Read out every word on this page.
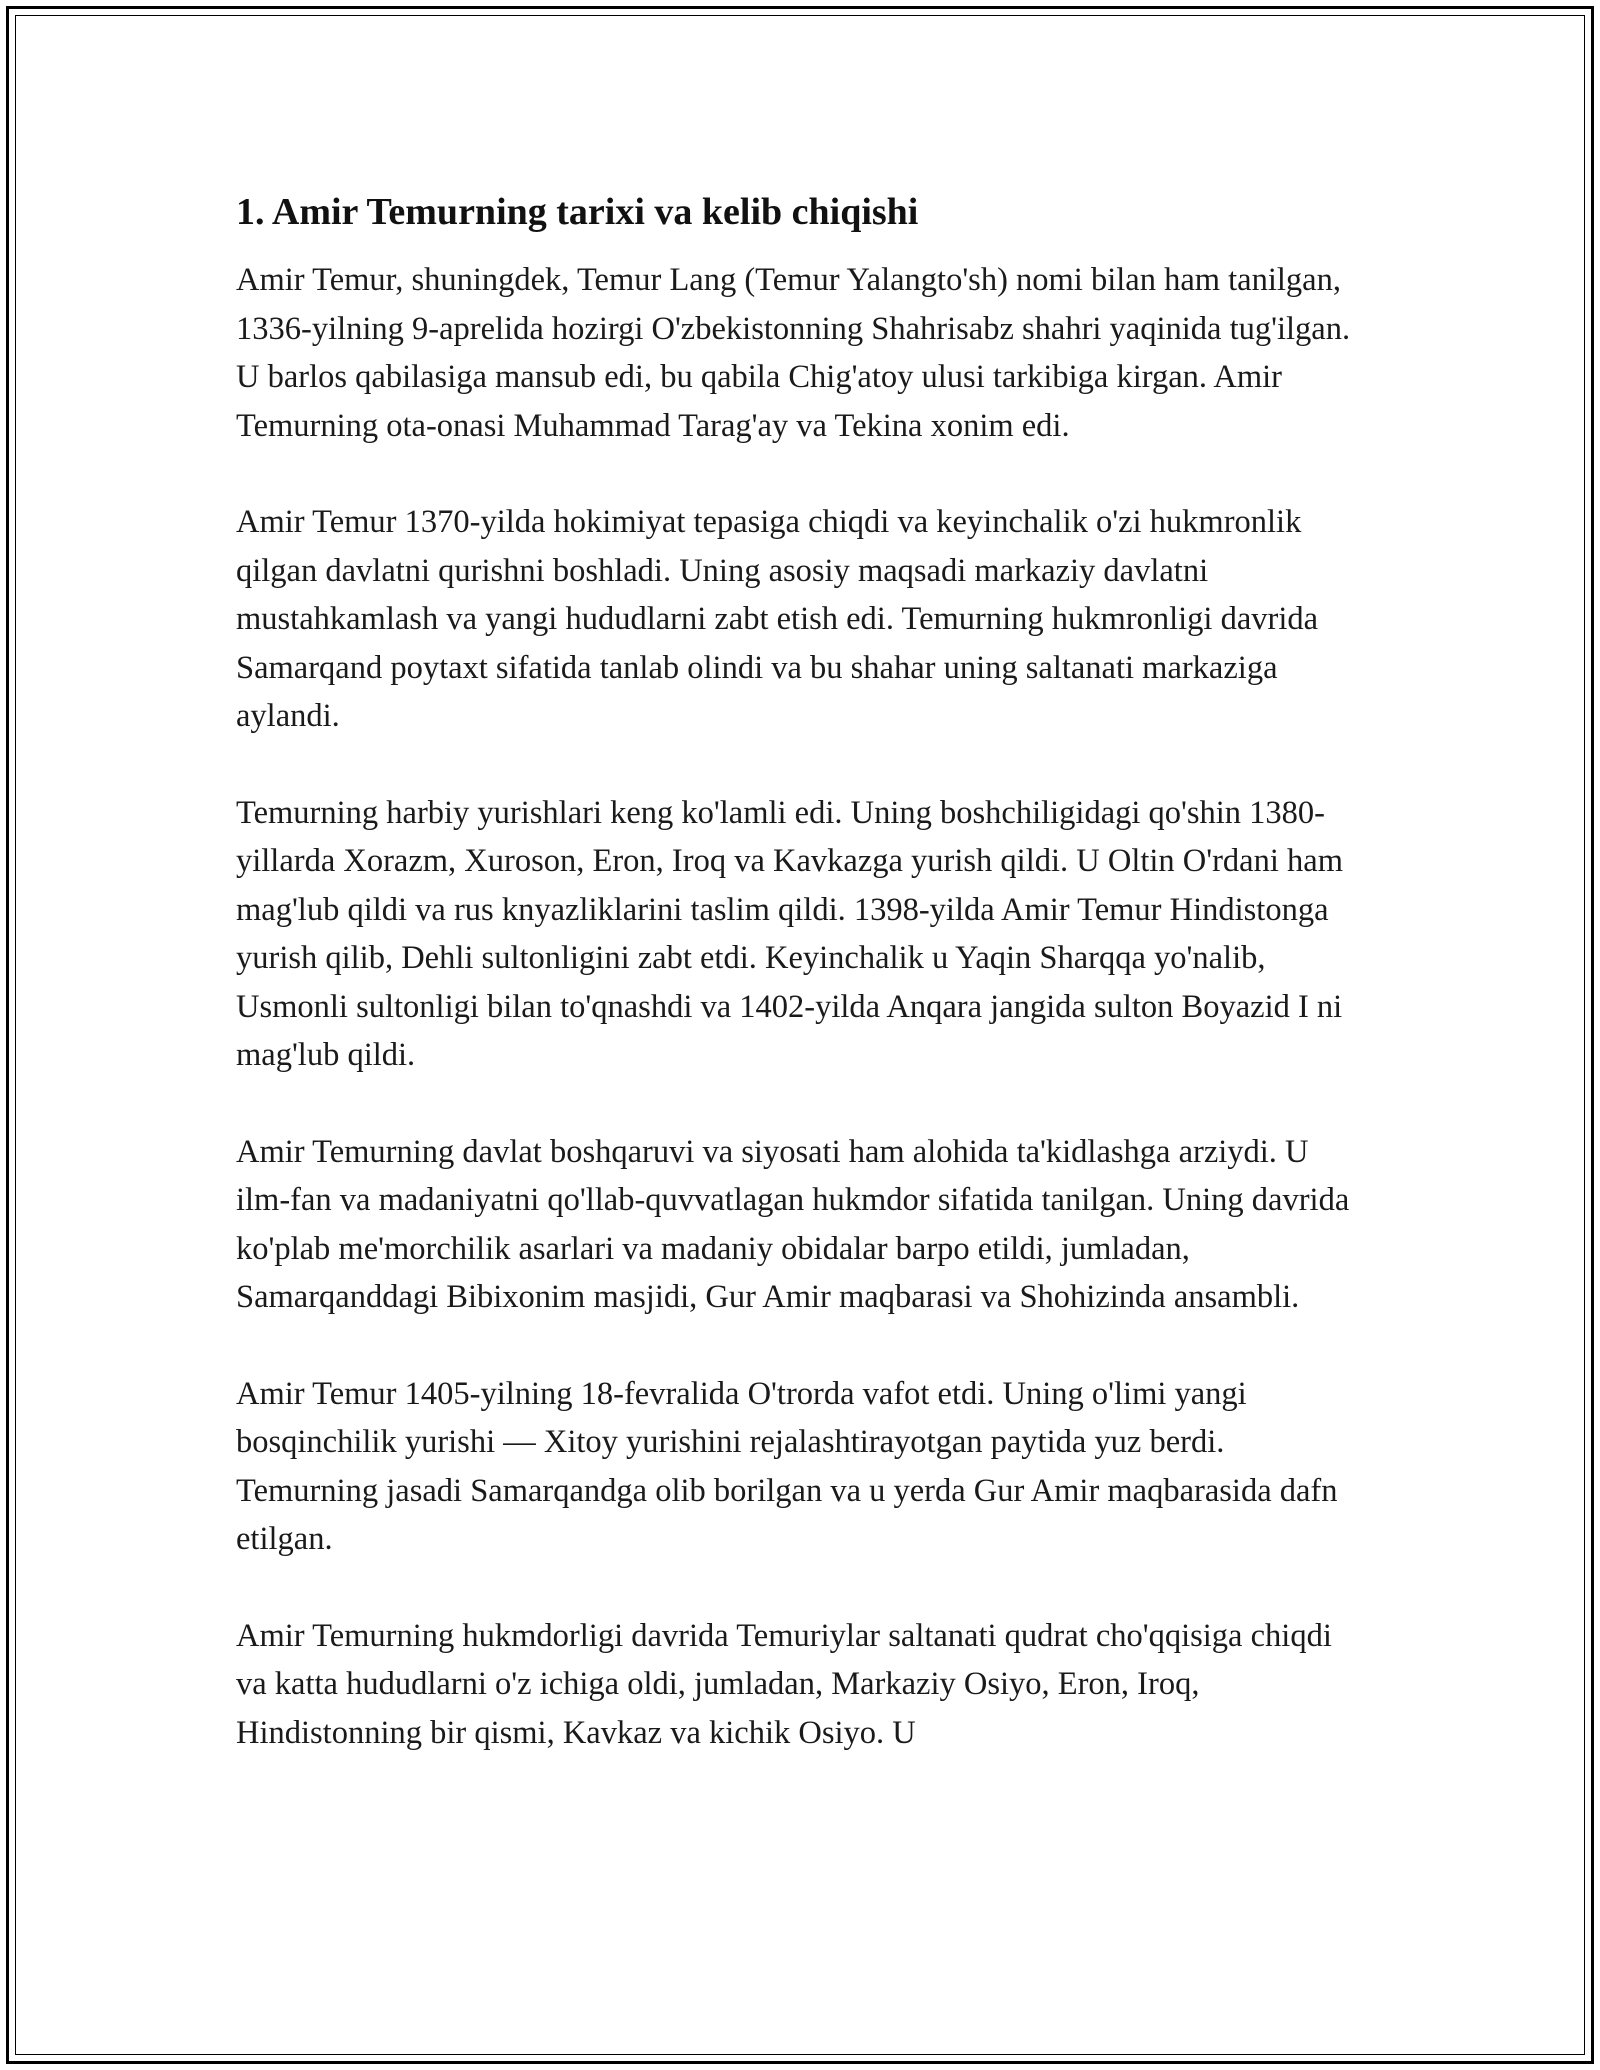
1. Amir Temurning tarixi va kelib chiqishi

Amir Temur, shuningdek, Temur Lang (Temur Yalangto'sh) nomi bilan ham tanilgan, 1336-yilning 9-aprelida hozirgi O'zbekistonning Shahrisabz shahri yaqinida tug'ilgan. U barlos qabilasiga mansub edi, bu qabila Chig'atoy ulusi tarkibiga kirgan. Amir Temurning ota-onasi Muhammad Tarag'ay va Tekina xonim edi.

Amir Temur 1370-yilda hokimiyat tepasiga chiqdi va keyinchalik o'zi hukmronlik qilgan davlatni qurishni boshladi. Uning asosiy maqsadi markaziy davlatni mustahkamlash va yangi hududlarni zabt etish edi. Temurning hukmronligi davrida Samarqand poytaxt sifatida tanlab olindi va bu shahar uning saltanati markaziga aylandi.

Temurning harbiy yurishlari keng ko'lamli edi. Uning boshchiligidagi qo'shin 1380-yillarda Xorazm, Xuroson, Eron, Iroq va Kavkazga yurish qildi. U Oltin O'rdani ham mag'lub qildi va rus knyazliklarini taslim qildi. 1398-yilda Amir Temur Hindistonga yurish qilib, Dehli sultonligini zabt etdi. Keyinchalik u Yaqin Sharqqa yo'nalib, Usmonli sultonligi bilan to'qnashdi va 1402-yilda Anqara jangida sulton Boyazid I ni mag'lub qildi.

Amir Temurning davlat boshqaruvi va siyosati ham alohida ta'kidlashga arziydi. U ilm-fan va madaniyatni qo'llab-quvvatlagan hukmdor sifatida tanilgan. Uning davrida ko'plab me'morchilik asarlari va madaniy obidalar barpo etildi, jumladan, Samarqanddagi Bibixonim masjidi, Gur Amir maqbarasi va Shohizinda ansambli.

Amir Temur 1405-yilning 18-fevralida O'trorda vafot etdi. Uning o'limi yangi bosqinchilik yurishi — Xitoy yurishini rejalashtirayotgan paytida yuz berdi. Temurning jasadi Samarqandga olib borilgan va u yerda Gur Amir maqbarasida dafn etilgan.

Amir Temurning hukmdorligi davrida Temuriylar saltanati qudrat cho'qqisiga chiqdi va katta hududlarni o'z ichiga oldi, jumladan, Markaziy Osiyo, Eron, Iroq, Hindistonning bir qismi, Kavkaz va kichik Osiyo. U
